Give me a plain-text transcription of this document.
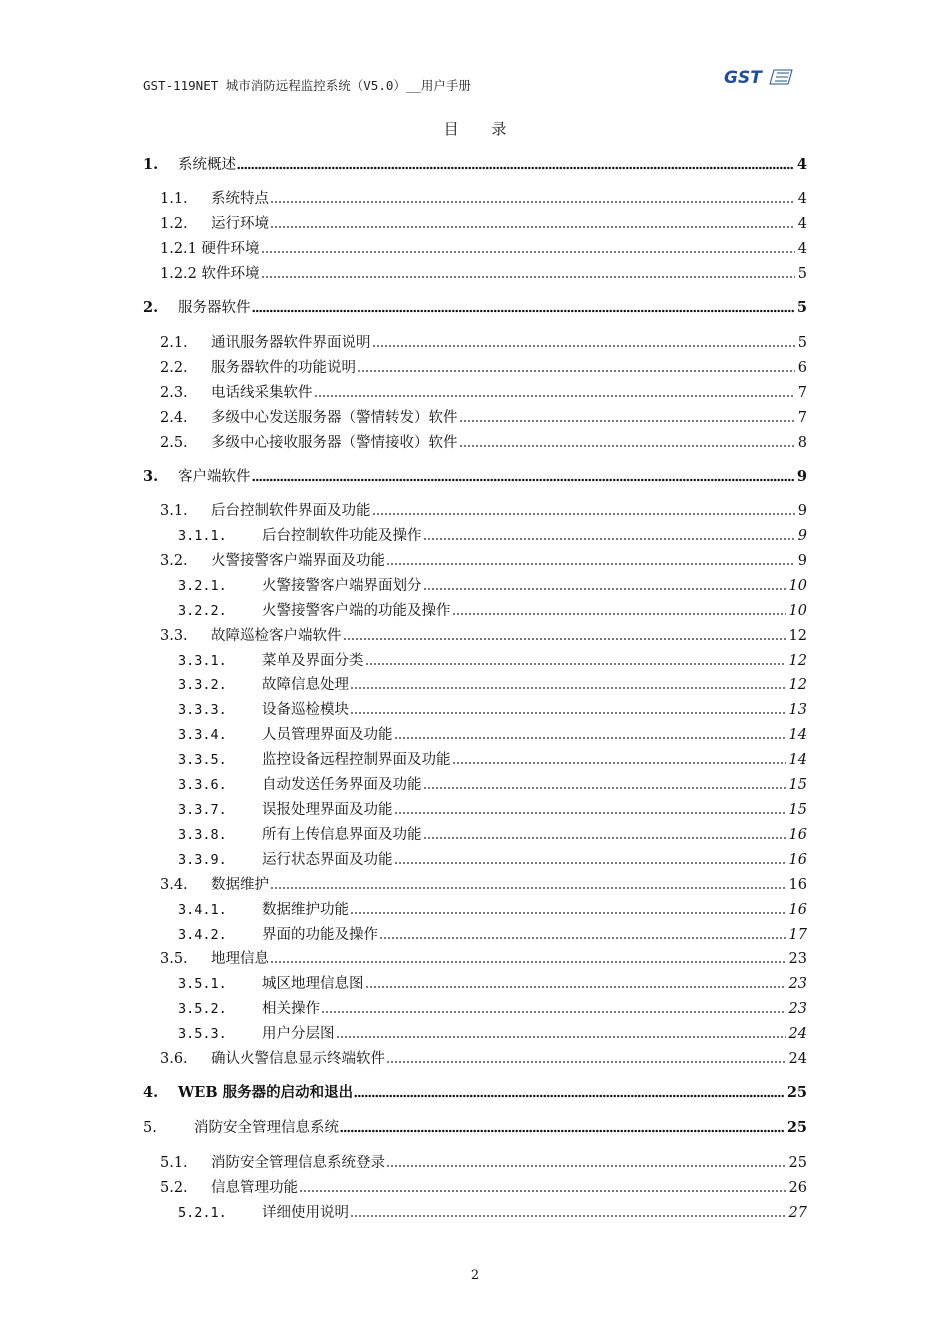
GST-119NET 城市消防远程监控系统（V5.0）__用户手册	GST
目 录
1.	系统概述	4
1.1.	系统特点	4
1.2.	运行环境	4
1.2.1 硬件环境	4
1.2.2 软件环境	5
2.	服务器软件	5
2.1.	通讯服务器软件界面说明	5
2.2.	服务器软件的功能说明	6
2.3.	电话线采集软件	7
2.4.	多级中心发送服务器（警情转发）软件	7
2.5.	多级中心接收服务器（警情接收）软件	8
3.	客户端软件	9
3.1.	后台控制软件界面及功能	9
3.1.1.	后台控制软件功能及操作	9
3.2.	火警接警客户端界面及功能	9
3.2.1.	火警接警客户端界面划分	10
3.2.2.	火警接警客户端的功能及操作	10
3.3.	故障巡检客户端软件	12
3.3.1.	菜单及界面分类	12
3.3.2.	故障信息处理	12
3.3.3.	设备巡检模块	13
3.3.4.	人员管理界面及功能	14
3.3.5.	监控设备远程控制界面及功能	14
3.3.6.	自动发送任务界面及功能	15
3.3.7.	误报处理界面及功能	15
3.3.8.	所有上传信息界面及功能	16
3.3.9.	运行状态界面及功能	16
3.4.	数据维护	16
3.4.1.	数据维护功能	16
3.4.2.	界面的功能及操作	17
3.5.	地理信息	23
3.5.1.	城区地理信息图	23
3.5.2.	相关操作	23
3.5.3.	用户分层图	24
3.6.	确认火警信息显示终端软件	24
4.	WEB 服务器的启动和退出	25
5.	消防安全管理信息系统	25
5.1.	消防安全管理信息系统登录	25
5.2.	信息管理功能	26
5.2.1.	详细使用说明	27
2
